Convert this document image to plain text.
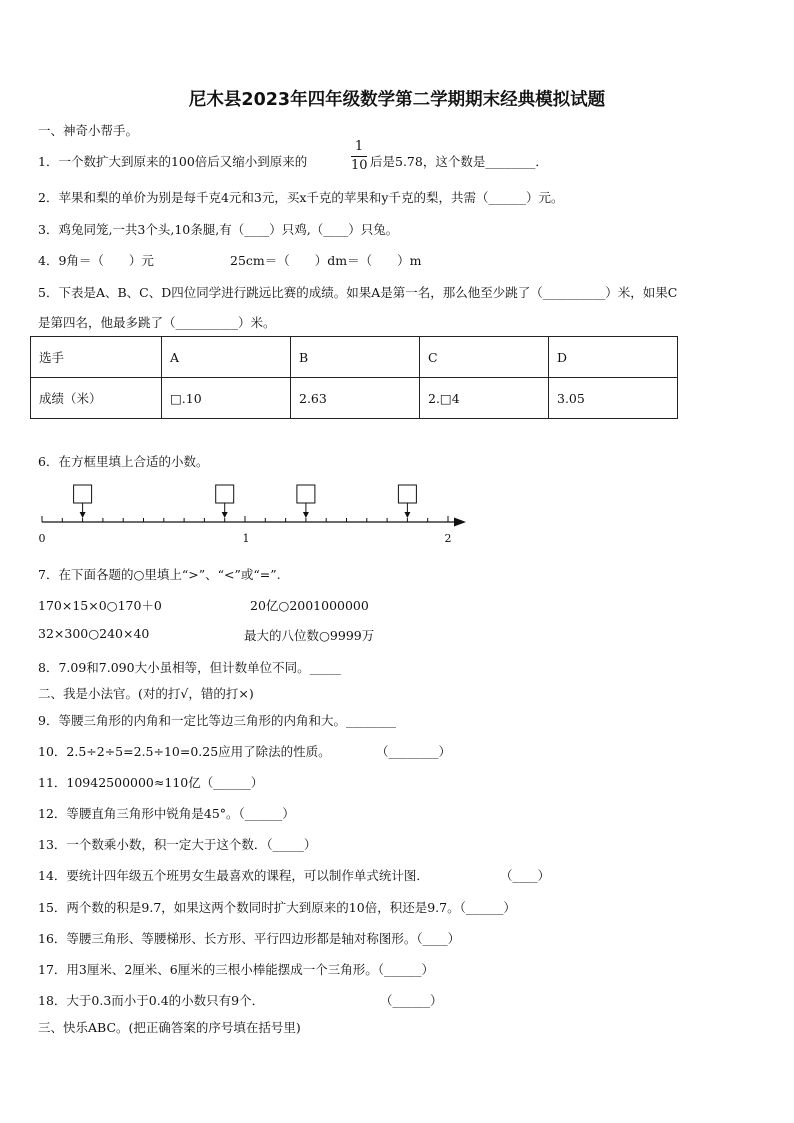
尼木县2023年四年级数学第二学期期末经典模拟试题
一、神奇小帮手。
1．一个数扩大到原来的100倍后又缩小到原来的
1
10 后是5.78，这个数是________．
2．苹果和梨的单价为别是每千克4元和3元，买x千克的苹果和y千克的梨，共需（______）元。
3．鸡兔同笼,一共3个头,10条腿,有（____）只鸡,（____）只兔。
4．9角＝（　　）元	25cm＝（　　）dm＝（　　）m
5．下表是A、B、C、D四位同学进行跳远比赛的成绩。如果A是第一名，那么他至少跳了（__________）米，如果C
是第四名，他最多跳了（__________）米。
选手	A	B	C	D
成绩（米）	□.10	2.63	2.□4	3.05
6．在方框里填上合适的小数。
0	1	2
7．在下面各题的○里填上“>”、“<”或“=”.
170×15×0○170＋0	20亿○2001000000
32×300○240×40	最大的八位数○9999万
8．7.09和7.090大小虽相等，但计数单位不同。_____
二、我是小法官。(对的打√，错的打×)
9．等腰三角形的内角和一定比等边三角形的内角和大。________
10．2.5÷2÷5=2.5÷10=0.25应用了除法的性质。	（________）
11．10942500000≈110亿（______）
12．等腰直角三角形中锐角是45°。（______）
13．一个数乘小数，积一定大于这个数．（_____）
14．要统计四年级五个班男女生最喜欢的课程，可以制作单式统计图．	（____）
15．两个数的积是9.7，如果这两个数同时扩大到原来的10倍，积还是9.7。（______）
16．等腰三角形、等腰梯形、长方形、平行四边形都是轴对称图形。（____）
17．用3厘米、2厘米、6厘米的三根小棒能摆成一个三角形。（______）
18．大于0.3而小于0.4的小数只有9个．	（______）
三、快乐ABC。(把正确答案的序号填在括号里)
